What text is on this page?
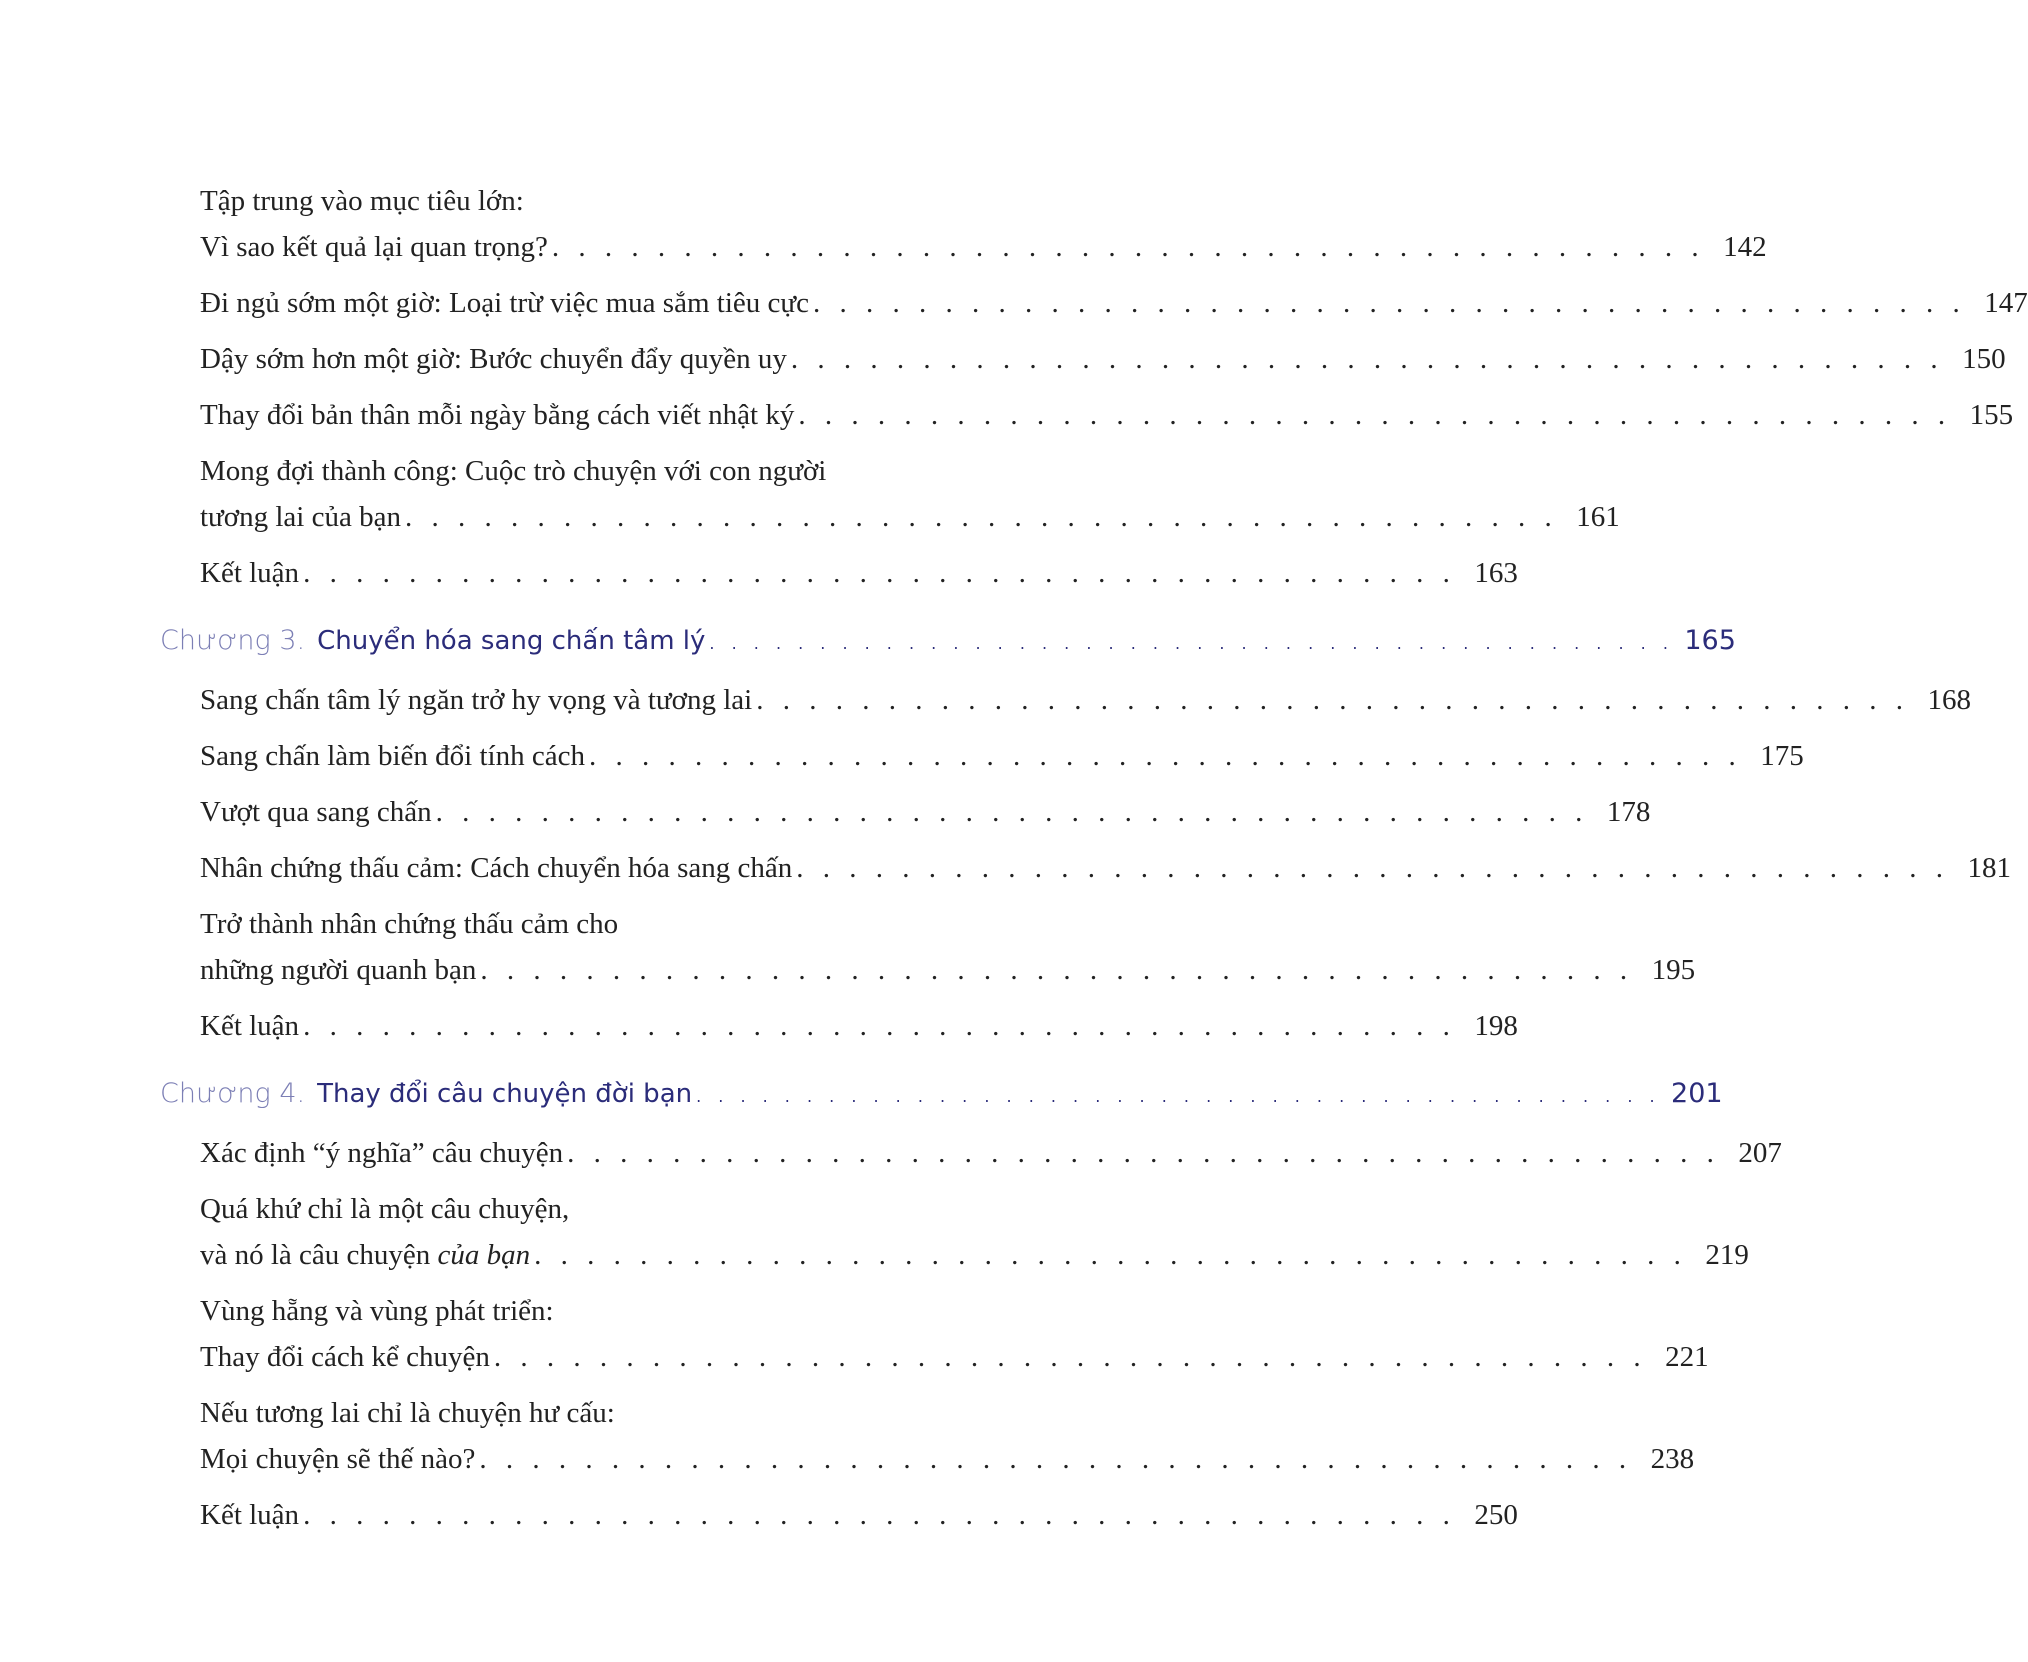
Tập trung vào mục tiêu lớn:
Vì sao kết quả lại quan trọng? . . . . . . . . . . . . . . . . . . . . . . . . . . . . . . . . . . . . . . . . . . . . 142
Đi ngủ sớm một giờ: Loại trừ việc mua sắm tiêu cực . . . . . . . . . . . . . . . . . . . . . . . . . . . . . . . . . . . . . . . . . . . . 147
Dậy sớm hơn một giờ: Bước chuyển đẩy quyền uy . . . . . . . . . . . . . . . . . . . . . . . . . . . . . . . . . . . . . . . . . . . . 150
Thay đổi bản thân mỗi ngày bằng cách viết nhật ký . . . . . . . . . . . . . . . . . . . . . . . . . . . . . . . . . . . . . . . . . . . . 155
Mong đợi thành công: Cuộc trò chuyện với con người
tương lai của bạn . . . . . . . . . . . . . . . . . . . . . . . . . . . . . . . . . . . . . . . . . . . . 161
Kết luận . . . . . . . . . . . . . . . . . . . . . . . . . . . . . . . . . . . . . . . . . . . . 163
Chương 3. Chuyển hóa sang chấn tâm lý . . . . . . . . . . . . . . . . . . . . . . . . . . . . . . . . . . . . . . . . . . . . 165
Sang chấn tâm lý ngăn trở hy vọng và tương lai . . . . . . . . . . . . . . . . . . . . . . . . . . . . . . . . . . . . . . . . . . . . 168
Sang chấn làm biến đổi tính cách . . . . . . . . . . . . . . . . . . . . . . . . . . . . . . . . . . . . . . . . . . . . 175
Vượt qua sang chấn . . . . . . . . . . . . . . . . . . . . . . . . . . . . . . . . . . . . . . . . . . . . 178
Nhân chứng thấu cảm: Cách chuyển hóa sang chấn . . . . . . . . . . . . . . . . . . . . . . . . . . . . . . . . . . . . . . . . . . . . 181
Trở thành nhân chứng thấu cảm cho
những người quanh bạn . . . . . . . . . . . . . . . . . . . . . . . . . . . . . . . . . . . . . . . . . . . . 195
Kết luận . . . . . . . . . . . . . . . . . . . . . . . . . . . . . . . . . . . . . . . . . . . . 198
Chương 4. Thay đổi câu chuyện đời bạn . . . . . . . . . . . . . . . . . . . . . . . . . . . . . . . . . . . . . . . . . . . . 201
Xác định “ý nghĩa” câu chuyện . . . . . . . . . . . . . . . . . . . . . . . . . . . . . . . . . . . . . . . . . . . . 207
Quá khứ chỉ là một câu chuyện,
và nó là câu chuyện của bạn . . . . . . . . . . . . . . . . . . . . . . . . . . . . . . . . . . . . . . . . . . . . 219
Vùng hẵng và vùng phát triển:
Thay đổi cách kể chuyện . . . . . . . . . . . . . . . . . . . . . . . . . . . . . . . . . . . . . . . . . . . . 221
Nếu tương lai chỉ là chuyện hư cấu:
Mọi chuyện sẽ thế nào? . . . . . . . . . . . . . . . . . . . . . . . . . . . . . . . . . . . . . . . . . . . . 238
Kết luận . . . . . . . . . . . . . . . . . . . . . . . . . . . . . . . . . . . . . . . . . . . . 250
